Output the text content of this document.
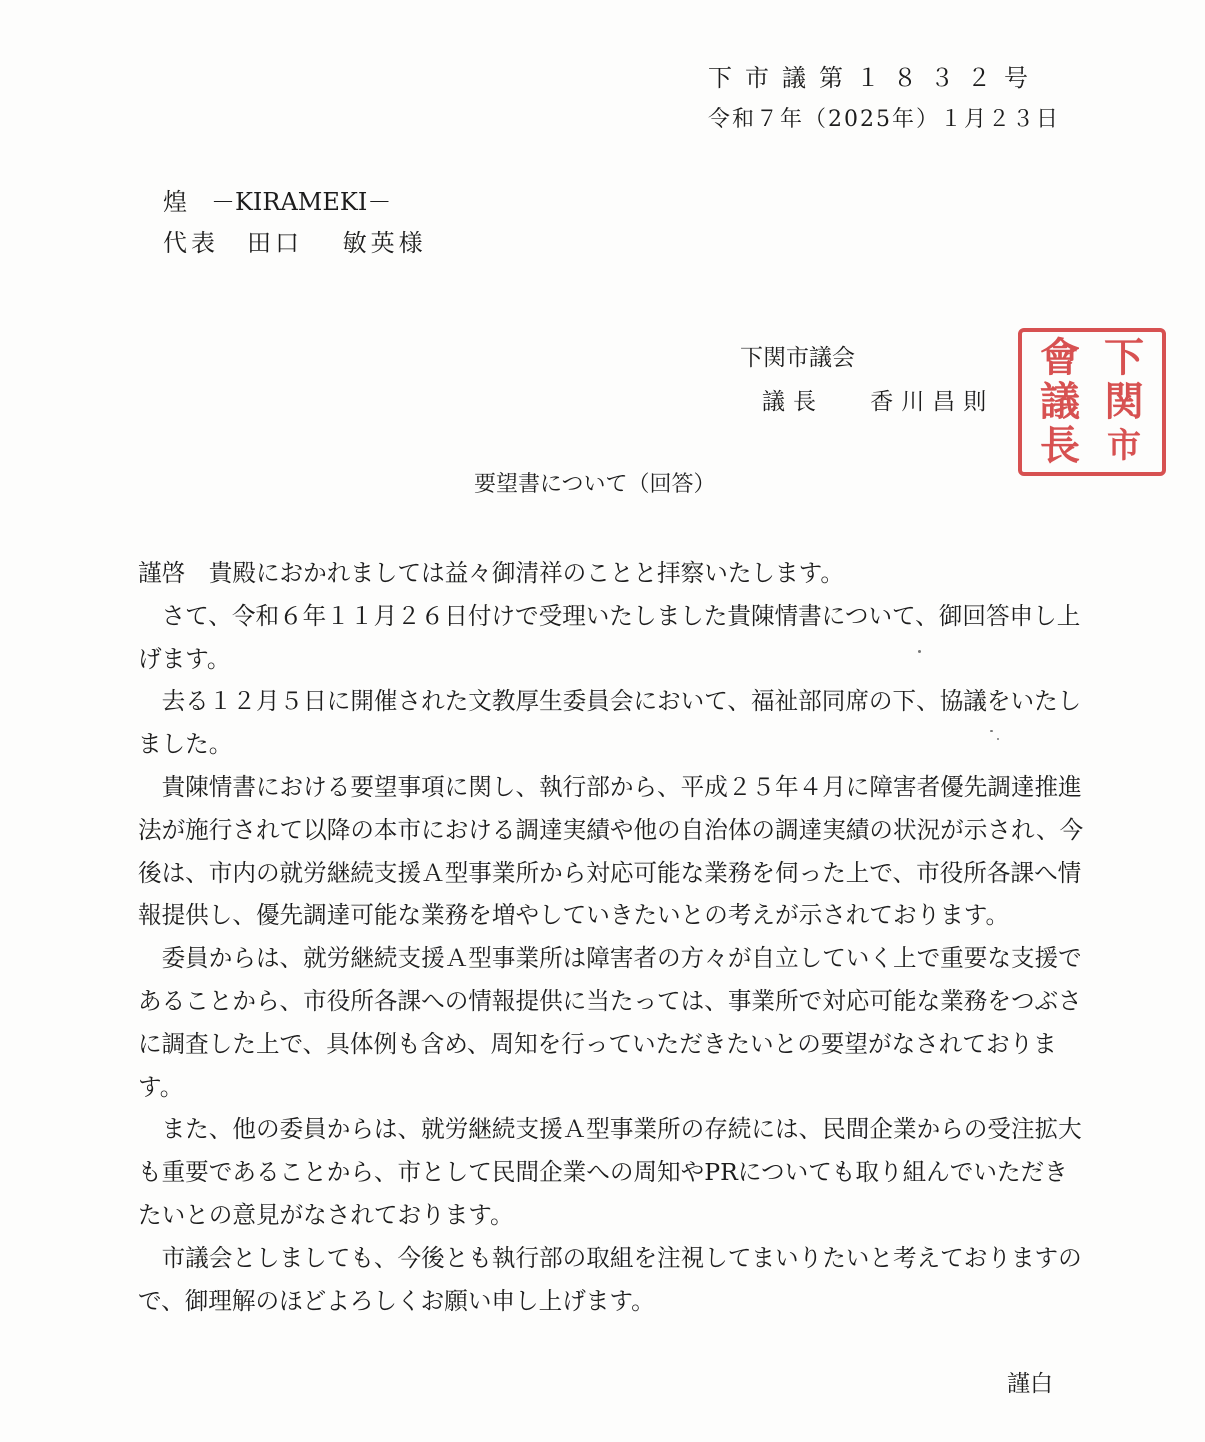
下市議第１８３２号
令和７年（2025年）１月２３日
煌　－KIRAMEKI－
代表　田口　 敏英様
下関市議会
議長　 香川昌則
下
関
市
會
議
長
要望書について（回答）

謹啓　貴殿におかれましては益々御清祥のことと拝察いたします。

　さて、令和６年１１月２６日付けで受理いたしました貴陳情書について、御回答申し上げます。

　去る１２月５日に開催された文教厚生委員会において、福祉部同席の下、協議をいたしました。

　貴陳情書における要望事項に関し、執行部から、平成２５年４月に障害者優先調達推進法が施行されて以降の本市における調達実績や他の自治体の調達実績の状況が示され、今後は、市内の就労継続支援Ａ型事業所から対応可能な業務を伺った上で、市役所各課へ情報提供し、優先調達可能な業務を増やしていきたいとの考えが示されております。

　委員からは、就労継続支援Ａ型事業所は障害者の方々が自立していく上で重要な支援であることから、市役所各課への情報提供に当たっては、事業所で対応可能な業務をつぶさに調査した上で、具体例も含め、周知を行っていただきたいとの要望がなされております。

　また、他の委員からは、就労継続支援Ａ型事業所の存続には、民間企業からの受注拡大も重要であることから、市として民間企業への周知やPRについても取り組んでいただきたいとの意見がなされております。

　市議会としましても、今後とも執行部の取組を注視してまいりたいと考えておりますので、御理解のほどよろしくお願い申し上げます。

謹白
